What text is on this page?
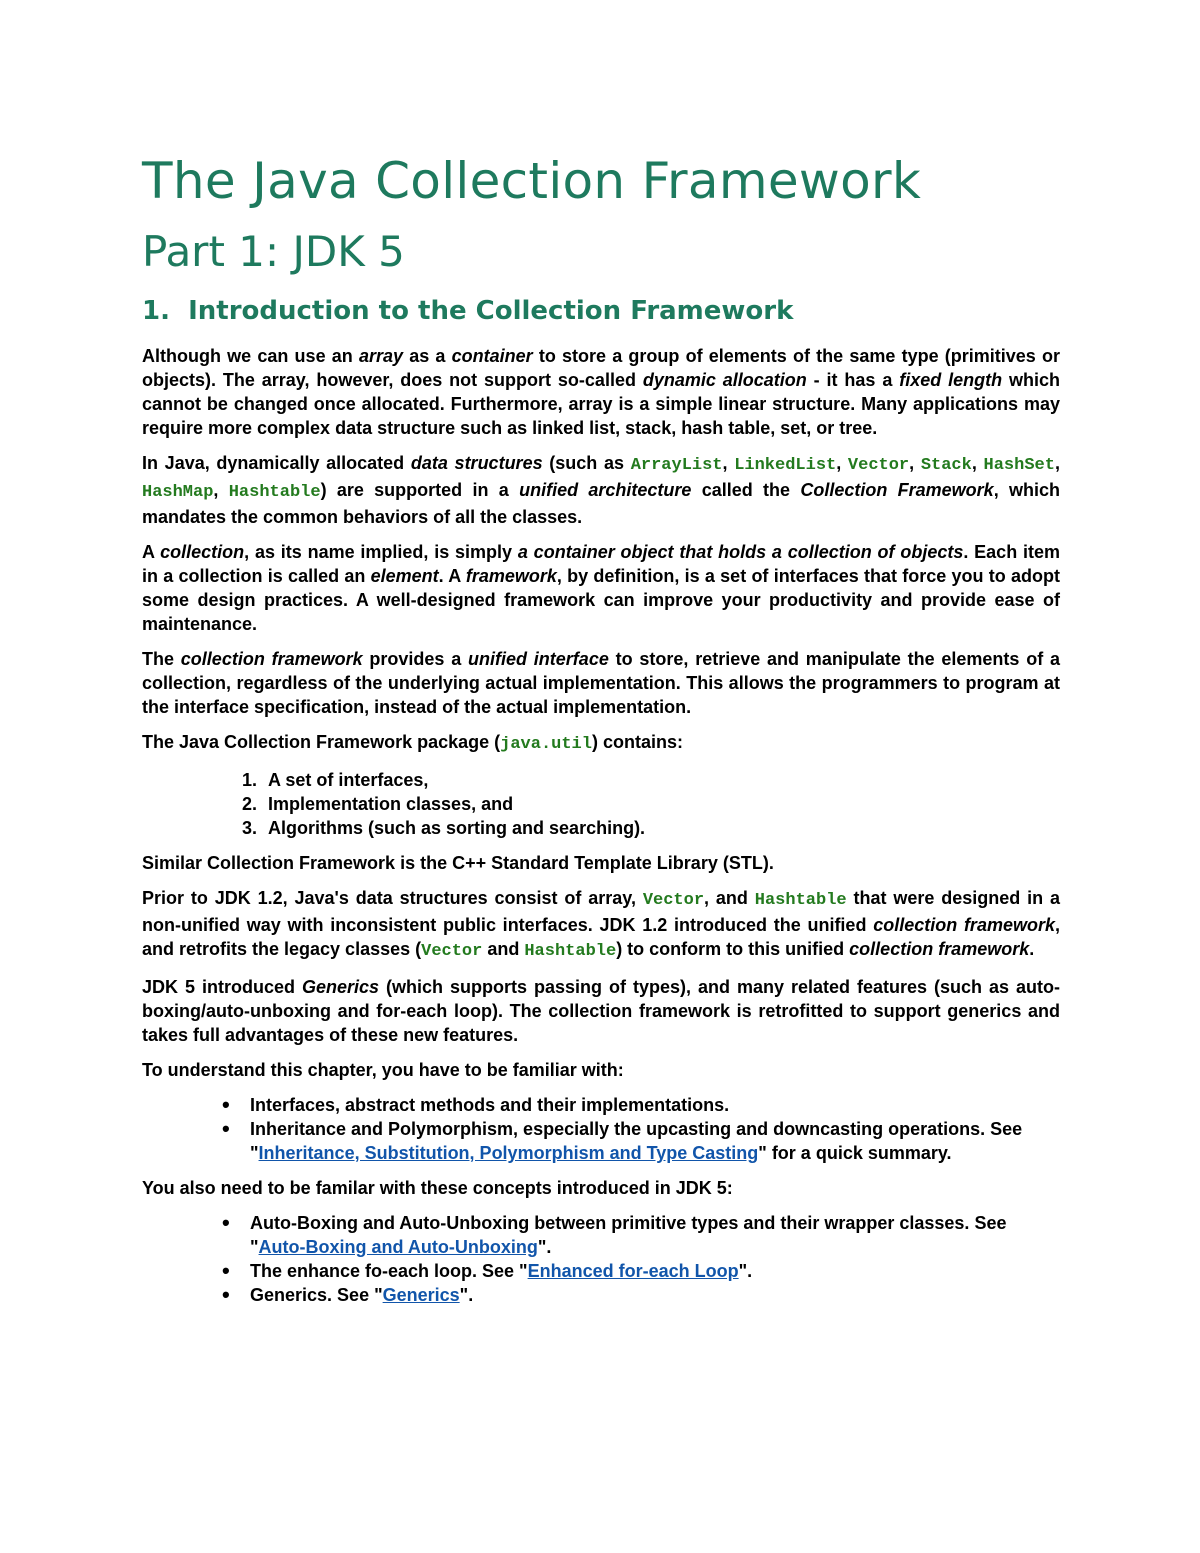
The Java Collection Framework
Part 1: JDK 5
1. Introduction to the Collection Framework

Although we can use an array as a container to store a group of elements of the same type (primitives or objects). The array, however, does not support so-called dynamic allocation - it has a fixed length which cannot be changed once allocated. Furthermore, array is a simple linear structure. Many applications may require more complex data structure such as linked list, stack, hash table, set, or tree.

In Java, dynamically allocated data structures (such as ArrayList, LinkedList, Vector, Stack, HashSet, HashMap, Hashtable) are supported in a unified architecture called the Collection Framework, which mandates the common behaviors of all the classes.

A collection, as its name implied, is simply a container object that holds a collection of objects. Each item in a collection is called an element. A framework, by definition, is a set of interfaces that force you to adopt some design practices. A well-designed framework can improve your productivity and provide ease of maintenance.

The collection framework provides a unified interface to store, retrieve and manipulate the elements of a collection, regardless of the underlying actual implementation. This allows the programmers to program at the interface specification, instead of the actual implementation.

The Java Collection Framework package (java.util) contains:

1. A set of interfaces,
2. Implementation classes, and
3. Algorithms (such as sorting and searching).

Similar Collection Framework is the C++ Standard Template Library (STL).

Prior to JDK 1.2, Java's data structures consist of array, Vector, and Hashtable that were designed in a non-unified way with inconsistent public interfaces. JDK 1.2 introduced the unified collection framework, and retrofits the legacy classes (Vector and Hashtable) to conform to this unified collection framework.

JDK 5 introduced Generics (which supports passing of types), and many related features (such as auto-boxing/auto-unboxing and for-each loop). The collection framework is retrofitted to support generics and takes full advantages of these new features.

To understand this chapter, you have to be familiar with:

• Interfaces, abstract methods and their implementations.
• Inheritance and Polymorphism, especially the upcasting and downcasting operations. See "Inheritance, Substitution, Polymorphism and Type Casting" for a quick summary.

You also need to be familar with these concepts introduced in JDK 5:

• Auto-Boxing and Auto-Unboxing between primitive types and their wrapper classes. See "Auto-Boxing and Auto-Unboxing".
• The enhance fo-each loop. See "Enhanced for-each Loop".
• Generics. See "Generics".
